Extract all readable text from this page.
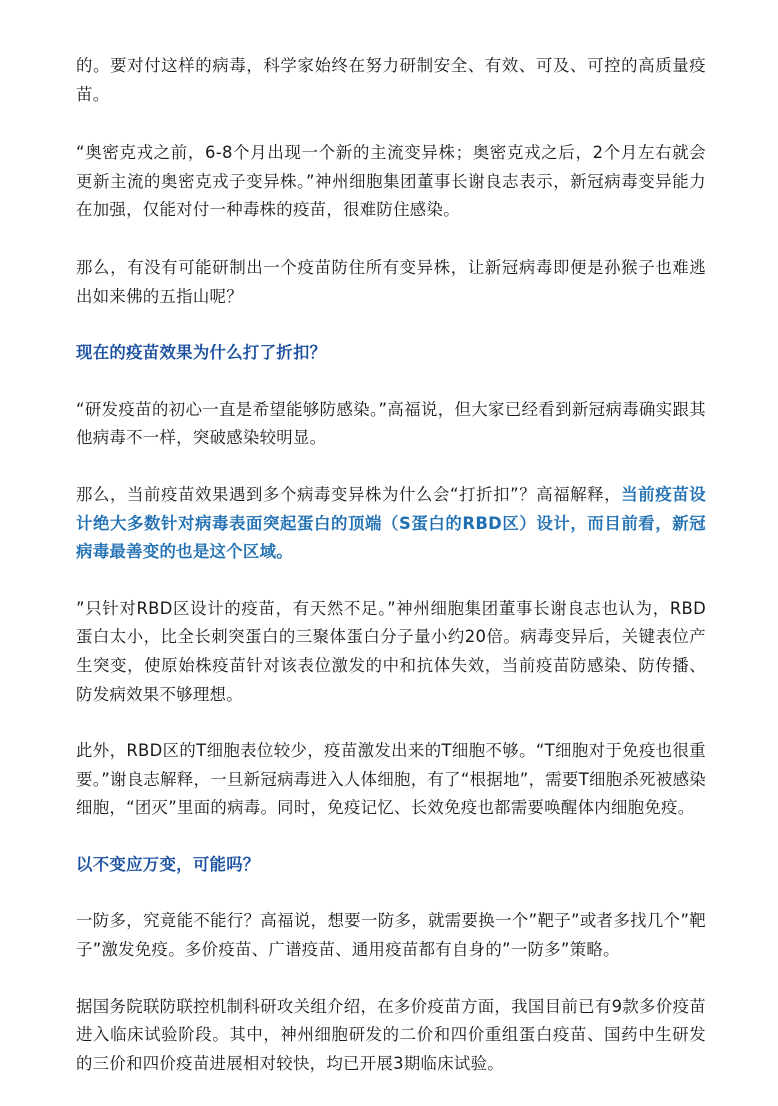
的。要对付这样的病毒，科学家始终在努力研制安全、有效、可及、可控的高质量疫苗。

“奥密克戎之前，6-8个月出现一个新的主流变异株；奥密克戎之后，2个月左右就会更新主流的奥密克戎子变异株。”神州细胞集团董事长谢良志表示，新冠病毒变异能力在加强，仅能对付一种毒株的疫苗，很难防住感染。

那么，有没有可能研制出一个疫苗防住所有变异株，让新冠病毒即便是孙猴子也难逃出如来佛的五指山呢？

现在的疫苗效果为什么打了折扣？

“研发疫苗的初心一直是希望能够防感染。”高福说，但大家已经看到新冠病毒确实跟其他病毒不一样，突破感染较明显。

那么，当前疫苗效果遇到多个病毒变异株为什么会“打折扣”？高福解释，当前疫苗设计绝大多数针对病毒表面突起蛋白的顶端（S蛋白的RBD区）设计，而目前看，新冠病毒最善变的也是这个区域。

”只针对RBD区设计的疫苗，有天然不足。”神州细胞集团董事长谢良志也认为，RBD蛋白太小，比全长刺突蛋白的三聚体蛋白分子量小约20倍。病毒变异后，关键表位产生突变，使原始株疫苗针对该表位激发的中和抗体失效，当前疫苗防感染、防传播、防发病效果不够理想。

此外，RBD区的T细胞表位较少，疫苗激发出来的T细胞不够。“T细胞对于免疫也很重要。”谢良志解释，一旦新冠病毒进入人体细胞，有了“根据地”，需要T细胞杀死被感染细胞，“团灭”里面的病毒。同时，免疫记忆、长效免疫也都需要唤醒体内细胞免疫。

以不变应万变，可能吗？

一防多，究竟能不能行？高福说，想要一防多，就需要换一个”靶子”或者多找几个”靶子”激发免疫。多价疫苗、广谱疫苗、通用疫苗都有自身的”一防多”策略。

据国务院联防联控机制科研攻关组介绍，在多价疫苗方面，我国目前已有9款多价疫苗进入临床试验阶段。其中，神州细胞研发的二价和四价重组蛋白疫苗、国药中生研发的三价和四价疫苗进展相对较快，均已开展3期临床试验。
